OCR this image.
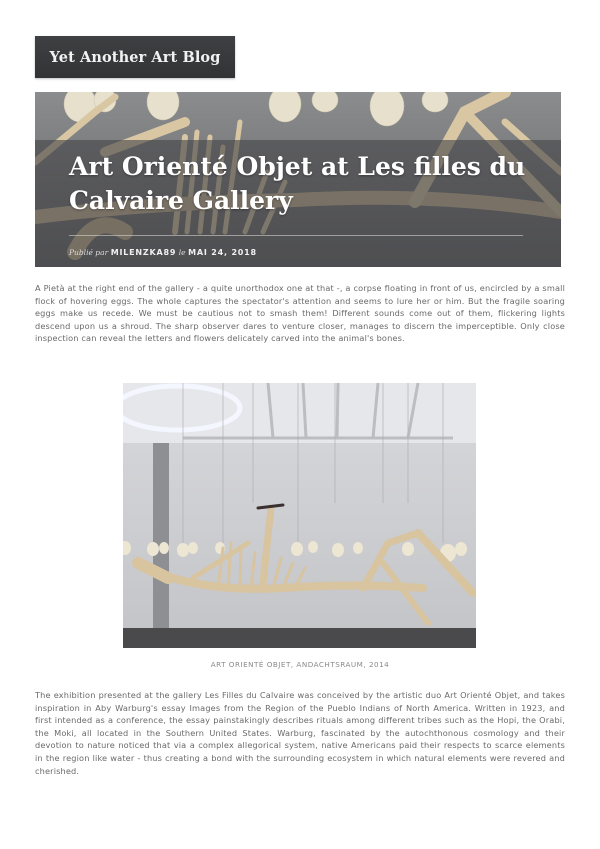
Yet Another Art Blog
Art Orienté Objet at Les filles du Calvaire Gallery
Publié par MILENZKA89 le MAI 24, 2018

A Pietà at the right end of the gallery - a quite unorthodox one at that -, a corpse floating in front of us, encircled by a small flock of hovering eggs. The whole captures the spectator's attention and seems to lure her or him. But the fragile soaring eggs make us recede. We must be cautious not to smash them! Different sounds come out of them, flickering lights descend upon us a shroud. The sharp observer dares to venture closer, manages to discern the imperceptible. Only close inspection can reveal the letters and flowers delicately carved into the animal's bones.

ART ORIENTÉ OBJET, ANDACHTSRAUM, 2014

The exhibition presented at the gallery Les Filles du Calvaire was conceived by the artistic duo Art Orienté Objet, and takes inspiration in Aby Warburg's essay Images from the Region of the Pueblo Indians of North America. Written in 1923, and first intended as a conference, the essay painstakingly describes rituals among different tribes such as the Hopi, the Orabi, the Moki, all located in the Southern United States. Warburg, fascinated by the autochthonous cosmology and their devotion to nature noticed that via a complex allegorical system, native Americans paid their respects to scarce elements in the region like water - thus creating a bond with the surrounding ecosystem in which natural elements were revered and cherished.
